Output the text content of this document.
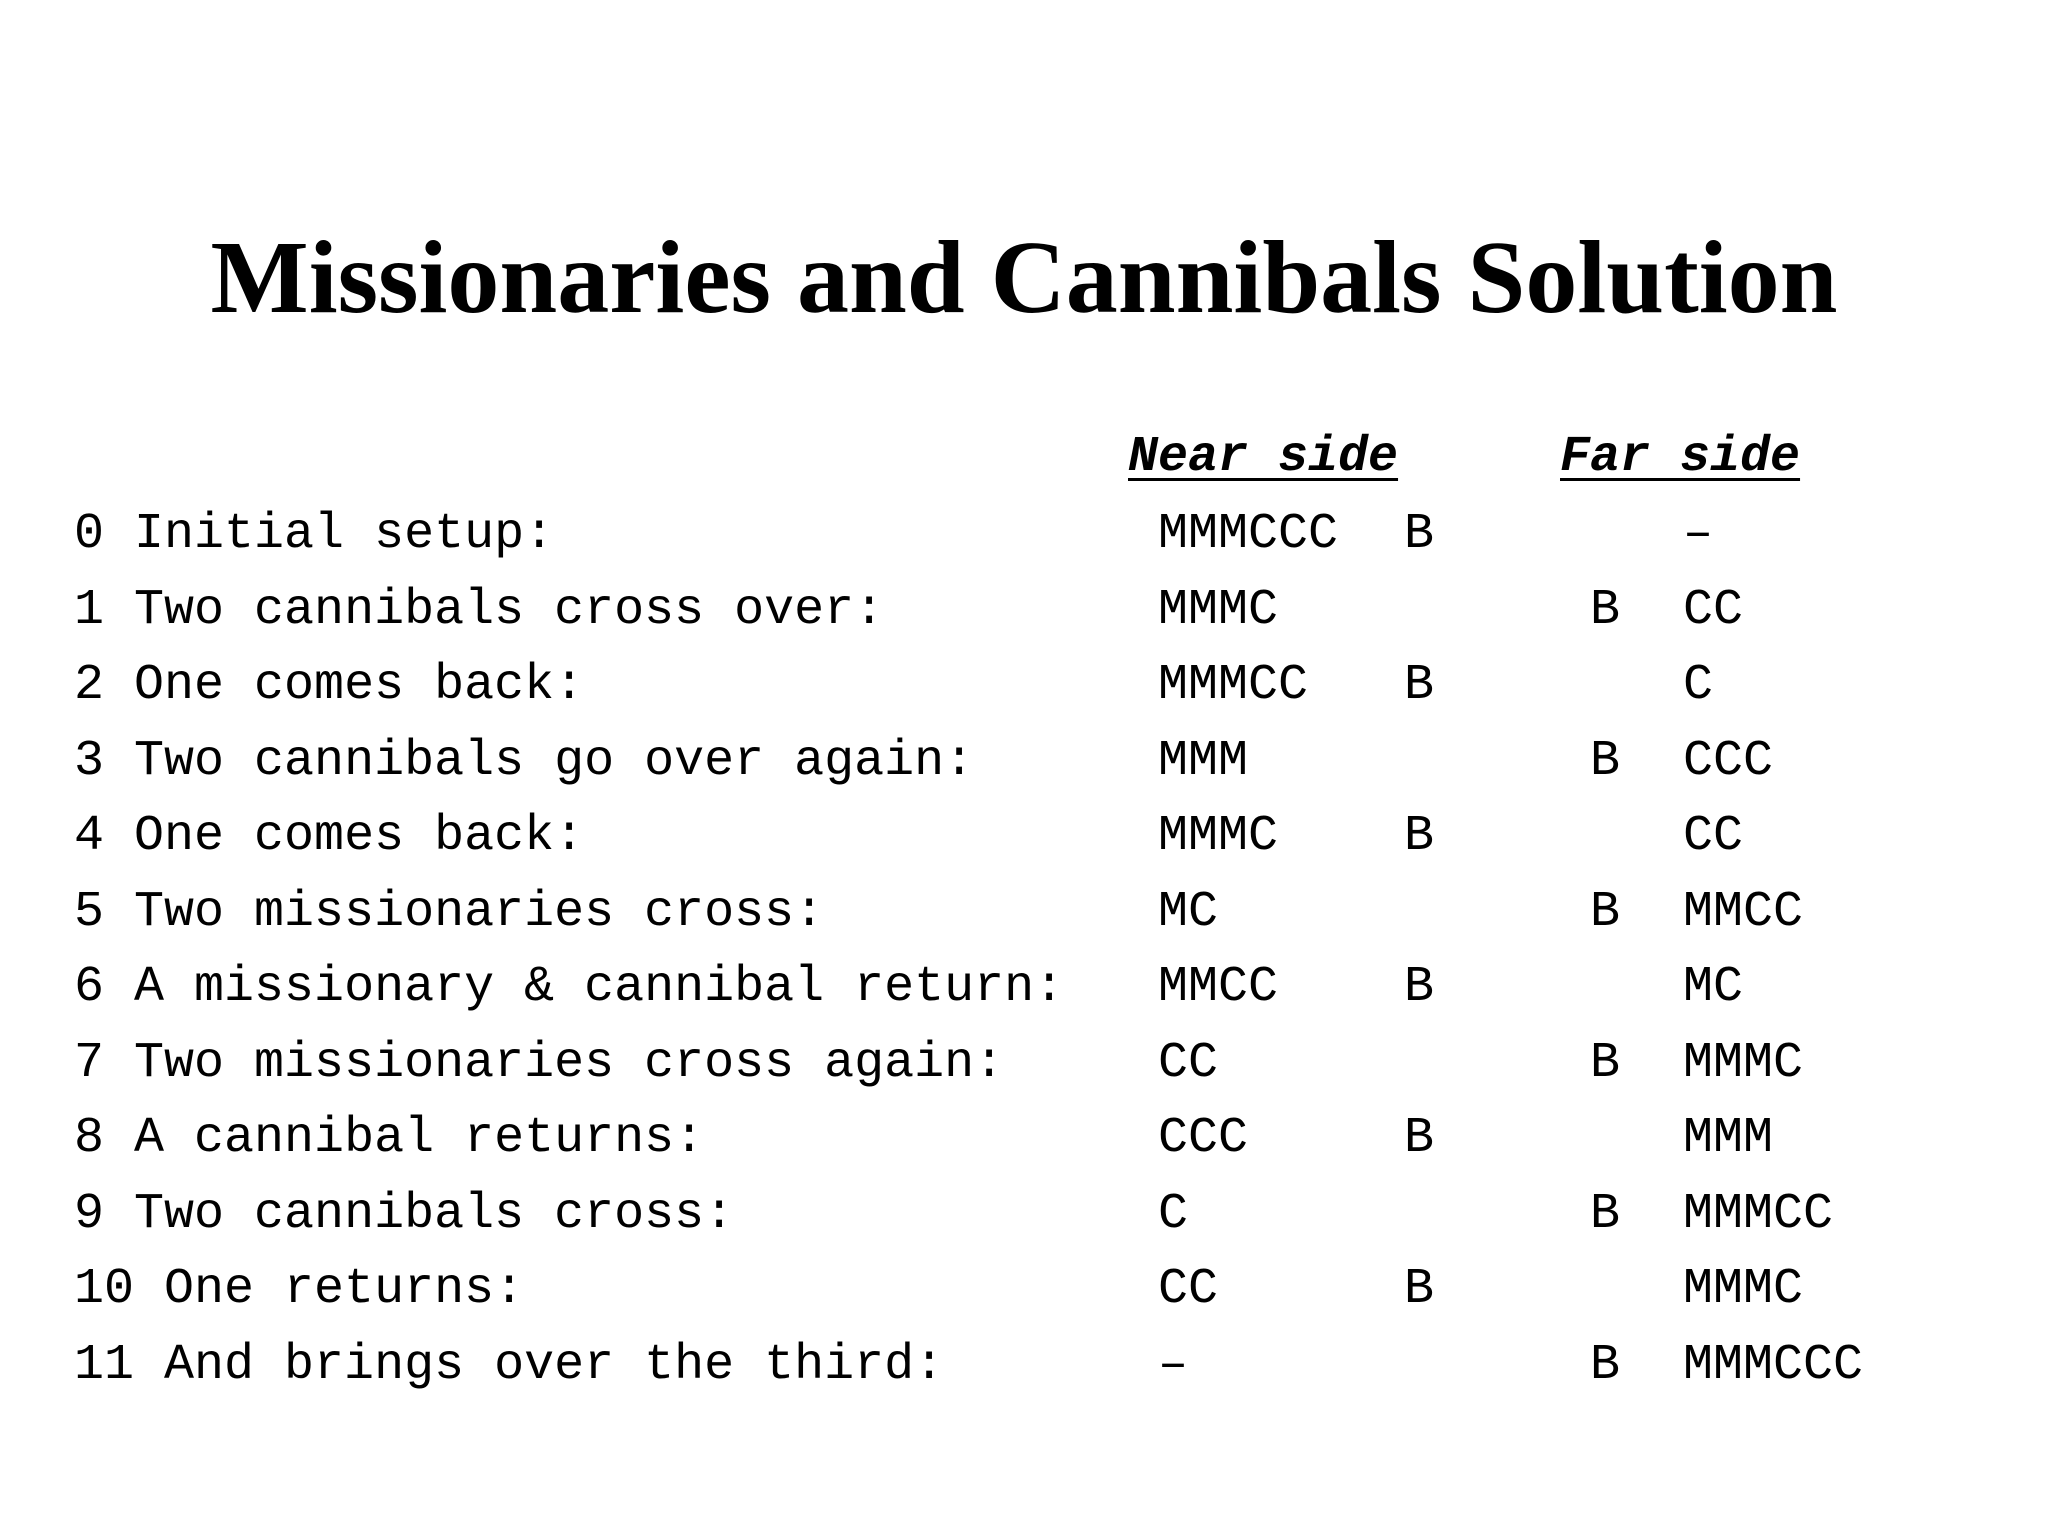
Missionaries and Cannibals Solution
Near side	Far side
0 Initial setup:	MMMCCC B	–
1 Two cannibals cross over:	MMMC	B CC
2 One comes back:	MMMCC B	C
3 Two cannibals go over again:	MMM	B CCC
4 One comes back:	MMMC	B	CC
5 Two missionaries cross:	MC	B MMCC
6 A missionary & cannibal return: MMCC	B	MC
7 Two missionaries cross again:	CC	B MMMC
8 A cannibal returns:	CCC	B	MMM
9 Two cannibals cross:	C	B MMMCC
10 One returns:	CC	B	MMMC
11 And brings over the third:	–	B MMMCCC
